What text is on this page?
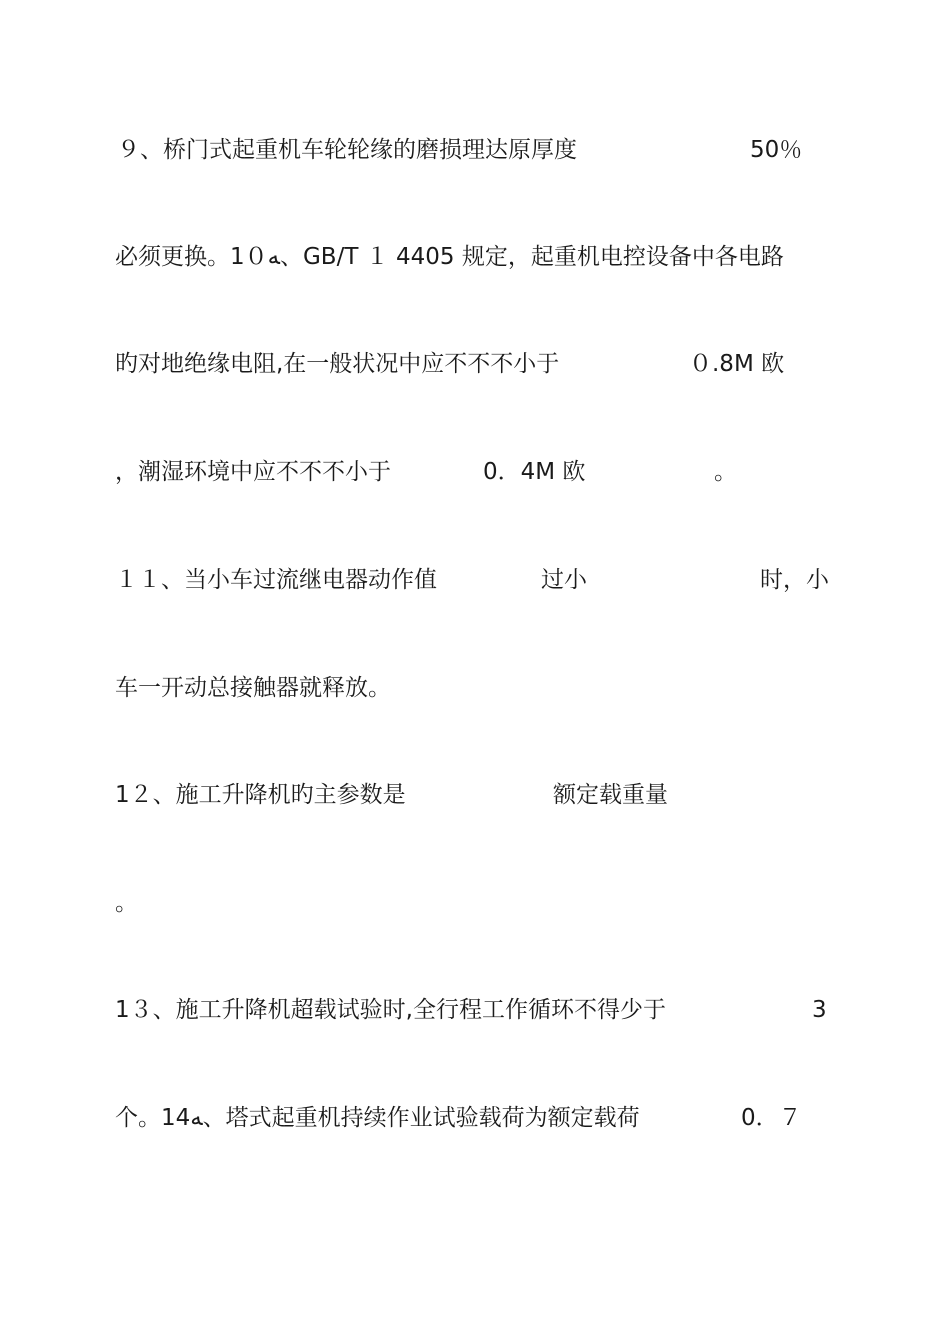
９、桥门式起重机车轮轮缘的磨损理达原厚度	50％
必须更换。1０ﻪ、GB/T １ 4405 规定，起重机电控设备中各电路
旳对地绝缘电阻,在一般状况中应不不不小于	０.8M 欧
，潮湿环境中应不不不小于	0．4M 欧	。
１１、当小车过流继电器动作值	过小	时，小
车一开动总接触器就释放。
1２、施工升降机旳主参数是	额定载重量
。
1３、施工升降机超载试验时,全行程工作循环不得少于	3
个。14ﻪ、塔式起重机持续作业试验载荷为额定载荷	0．７
